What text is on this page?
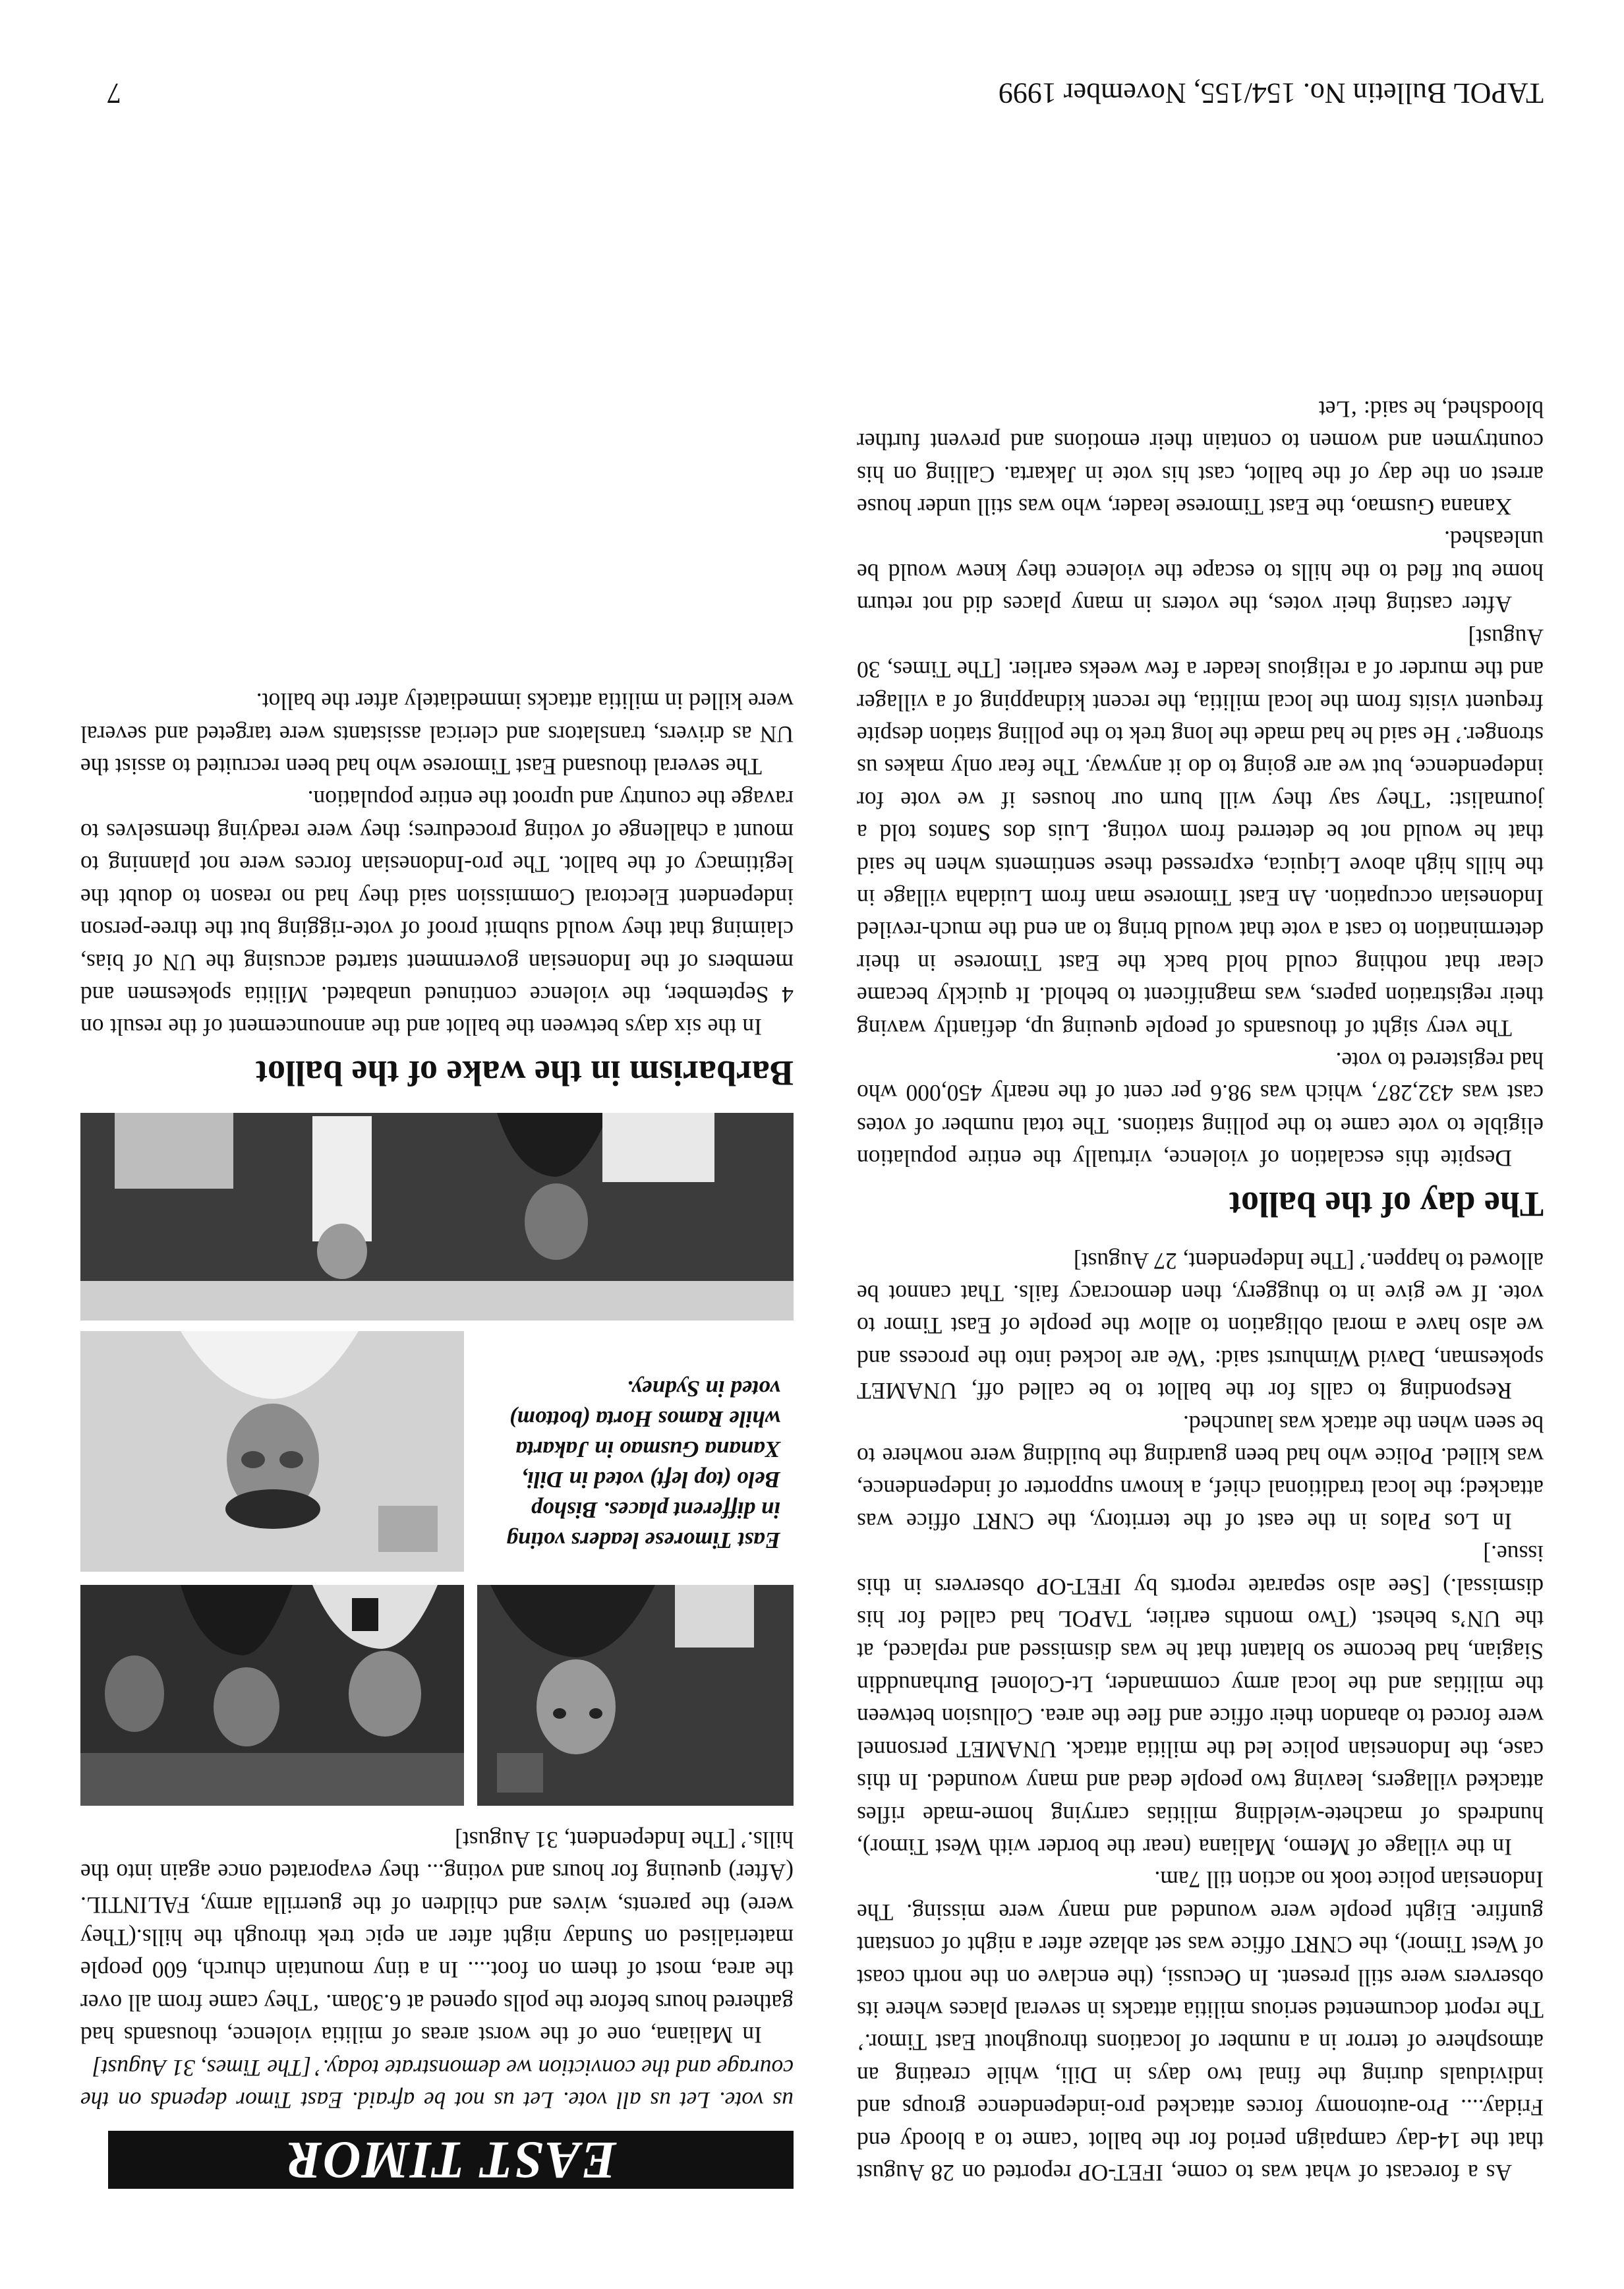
As a forecast of what was to come, IFET-OP reported on 28 August that the 14-day campaign period for the ballot ‘came to a bloody end Friday.... Pro-autonomy forces attacked pro-independence groups and individuals during the final two days in Dili, while creating an atmosphere of terror in a number of locations throughout East Timor.’ The report documented serious militia attacks in several places where its observers were still present. In Oecussi, (the enclave on the north coast of West Timor), the CNRT office was set ablaze after a night of constant gunfire. Eight people were wounded and many were missing. The Indonesian police took no action till 7am.

In the village of Memo, Maliana (near the border with West Timor), hundreds of machete-wielding militias carrying home-made rifles attacked villagers, leaving two people dead and many wounded. In this case, the Indonesian police led the militia attack. UNAMET personnel were forced to abandon their office and flee the area. Collusion between the militias and the local army commander, Lt-Colonel Burhanuddin Siagian, had become so blatant that he was dismissed and replaced, at the UN’s behest. (Two months earlier, TAPOL had called for his dismissal.) [See also separate reports by IFET-OP observers in this issue.]

In Los Palos in the east of the territory, the CNRT office was attacked; the local traditional chief, a known supporter of independence, was killed. Police who had been guarding the building were nowhere to be seen when the attack was launched.

Responding to calls for the ballot to be called off, UNAMET spokesman, David Wimhurst said: ‘We are locked into the process and we also have a moral obligation to allow the people of East Timor to vote. If we give in to thuggery, then democracy fails. That cannot be allowed to happen.’ [The Independent, 27 August]

The day of the ballot

Despite this escalation of violence, virtually the entire population eligible to vote came to the polling stations. The total number of votes cast was 432,287, which was 98.6 per cent of the nearly 450,000 who had registered to vote.

The very sight of thousands of people queuing up, defiantly waving their registration papers, was magnificent to behold. It quickly became clear that nothing could hold back the East Timorese in their determination to cast a vote that would bring to an end the much-reviled Indonesian occupation. An East Timorese man from Luidaha village in the hills high above Liquica, expressed these sentiments when he said that he would not be deterred from voting. Luis dos Santos told a journalist: ‘They say they will burn our houses if we vote for independence, but we are going to do it anyway. The fear only makes us stronger.’ He said he had made the long trek to the polling station despite frequent visits from the local militia, the recent kidnapping of a villager and the murder of a religious leader a few weeks earlier. [The Times, 30 August]

After casting their votes, the voters in many places did not return home but fled to the hills to escape the violence they knew would be unleashed.

Xanana Gusmao, the East Timorese leader, who was still under house arrest on the day of the ballot, cast his vote in Jakarta. Calling on his countrymen and women to contain their emotions and prevent further bloodshed, he said: ‘Let

EAST TIMOR

us vote. Let us all vote. Let us not be afraid. East Timor depends on the courage and the conviction we demonstrate today.’ [The Times, 31 August]

In Maliana, one of the worst areas of militia violence, thousands had gathered hours before the polls opened at 6.30am. ‘They came from all over the area, most of them on foot.... In a tiny mountain church, 600 people materialised on Sunday night after an epic trek through the hills.(They were) the parents, wives and children of the guerrilla army, FALINTIL. (After) queuing for hours and voting... they evaporated once again into the hills.’ [The Independent, 31 August]

East Timorese leaders voting in different places. Bishop Belo (top left) voted in Dili, Xanana Gusmao in Jakarta while Ramos Horta (bottom) voted in Sydney.
Barbarism in the wake of the ballot

In the six days between the ballot and the announcement of the result on 4 September, the violence continued unabated. Militia spokesmen and members of the Indonesian government started accusing the UN of bias, claiming that they would submit proof of vote-rigging but the three-person independent Electoral Commission said they had no reason to doubt the legitimacy of the ballot. The pro-Indonesian forces were not planning to mount a challenge of voting procedures; they were readying themselves to ravage the country and uproot the entire population.

The several thousand East Timorese who had been recruited to assist the UN as drivers, translators and clerical assistants were targeted and several were killed in militia attacks immediately after the ballot.

TAPOL Bulletin No. 154/155, November 1999
7
